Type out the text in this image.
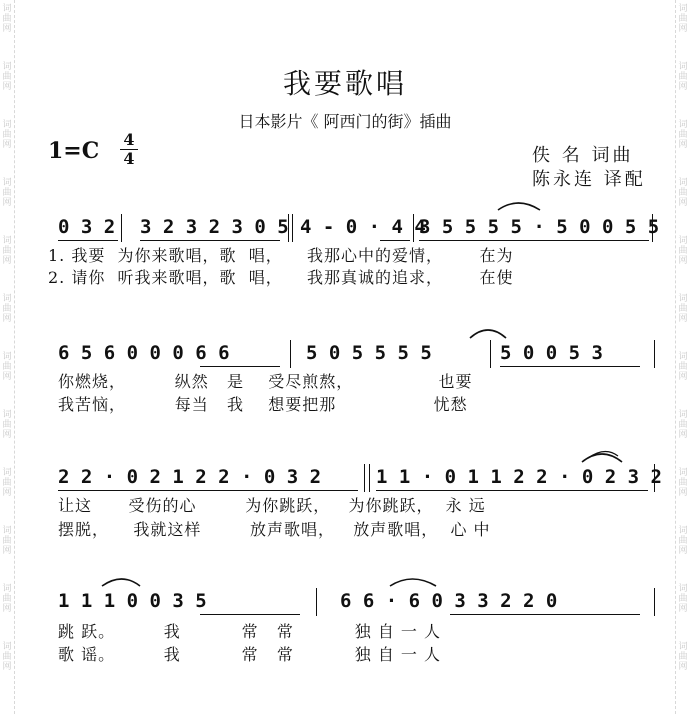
词
曲
网
词
曲
网
词
曲
网
词
曲
网
词
曲
网
词
曲
网
词
曲
网
词
曲
网
词
曲
网
词
曲
网
词
曲
网
词
曲
网
词
曲
网
词
曲
网
词
曲
网
词
曲
网
词
曲
网
词
曲
网
词
曲
网
词
曲
网
词
曲
网
词
曲
网
词
曲
网
词
曲
网
我要歌唱
日本影片《 阿西门的街》插曲
1=C 4
4	佚 名 词曲
陈永连 译配
0 3 2 3 2 3 2 3 0 5 4 - 0 · 4 4
3 5 5 5 5 · 5 0 0 5 5
1. 我要  为你来歌唱，歌  唱，    我那心中的爱情，      在为
2. 请你  听我来歌唱，歌  唱，    我那真诚的追求，      在使
6 5 6 0 0 0 6 6	5 0 5 5 5 5	5 0 0 5 3
你燃烧，        纵然   是    受尽煎熬，              也要
我苦恼，        每当   我    想要把那                忧愁
2 2 · 0 2 1 2 2 · 0 3 2	1 1 · 0 1 1 2 2 · 0 2 3 2
让这      受伤的心        为你跳跃，   为你跳跃，  永 远
摆脱，    我就这样        放声歌唱，   放声歌唱，  心 中
1 1 1 0 0 3 5	6 6 · 6 0 3 3 2 2 0
跳 跃。        我          常   常          独 自 一 人
歌 谣。        我          常   常          独 自 一 人
